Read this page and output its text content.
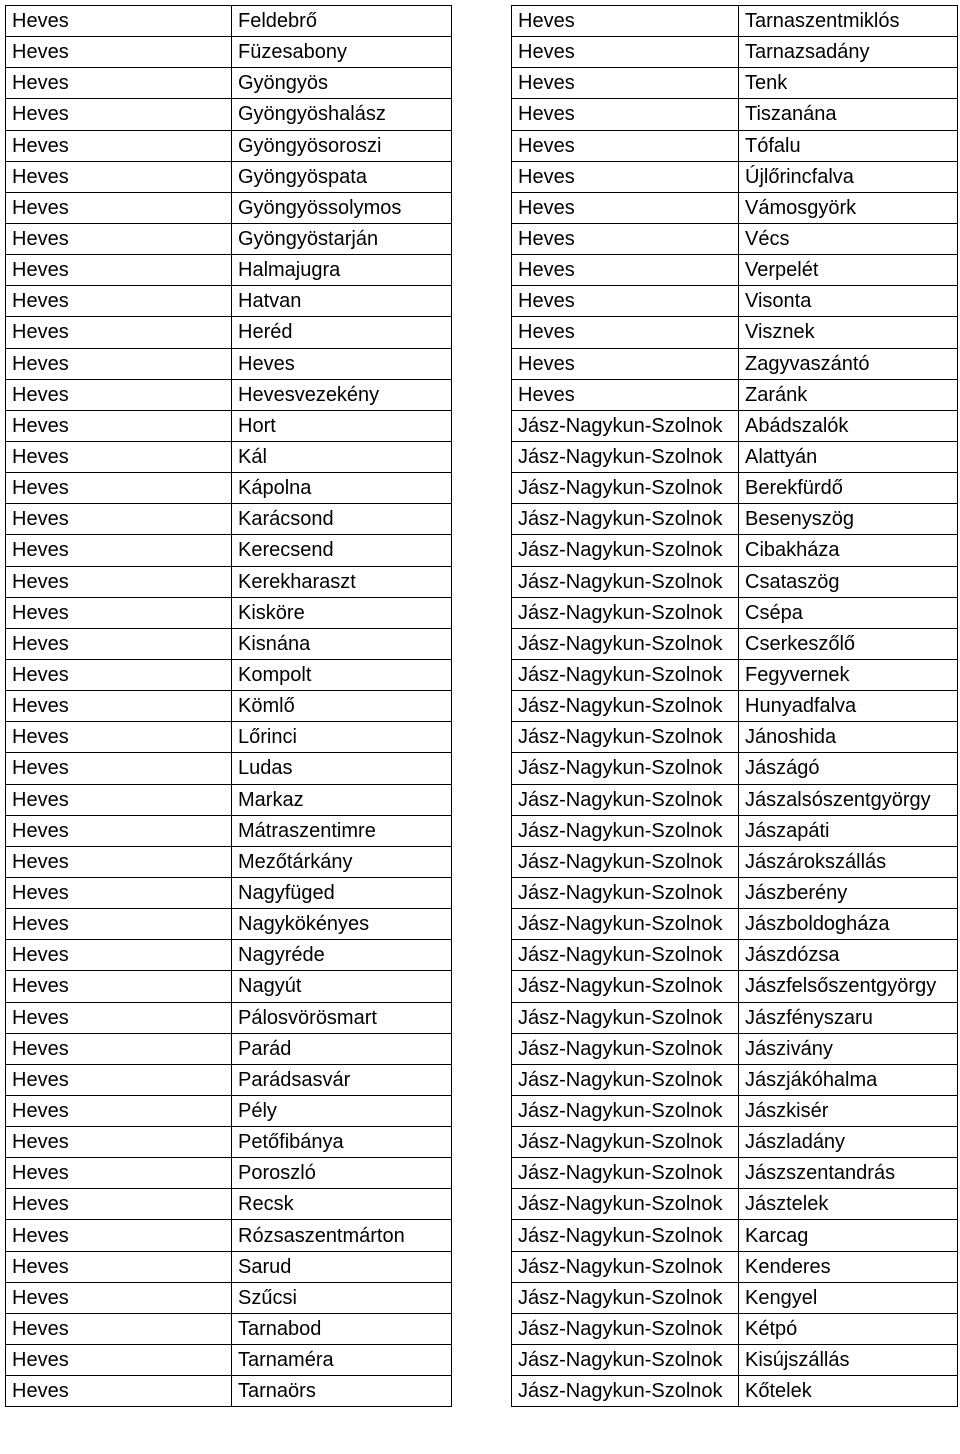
Heves	Feldebrő
Heves	Füzesabony
Heves	Gyöngyös
Heves	Gyöngyöshalász
Heves	Gyöngyösoroszi
Heves	Gyöngyöspata
Heves	Gyöngyössolymos
Heves	Gyöngyöstarján
Heves	Halmajugra
Heves	Hatvan
Heves	Heréd
Heves	Heves
Heves	Hevesvezekény
Heves	Hort
Heves	Kál
Heves	Kápolna
Heves	Karácsond
Heves	Kerecsend
Heves	Kerekharaszt
Heves	Kisköre
Heves	Kisnána
Heves	Kompolt
Heves	Kömlő
Heves	Lőrinci
Heves	Ludas
Heves	Markaz
Heves	Mátraszentimre
Heves	Mezőtárkány
Heves	Nagyfüged
Heves	Nagykökényes
Heves	Nagyréde
Heves	Nagyút
Heves	Pálosvörösmart
Heves	Parád
Heves	Parádsasvár
Heves	Pély
Heves	Petőfibánya
Heves	Poroszló
Heves	Recsk
Heves	Rózsaszentmárton
Heves	Sarud
Heves	Szűcsi
Heves	Tarnabod
Heves	Tarnaméra
Heves	Tarnaörs
Heves	Tarnaszentmiklós
Heves	Tarnazsadány
Heves	Tenk
Heves	Tiszanána
Heves	Tófalu
Heves	Újlőrincfalva
Heves	Vámosgyörk
Heves	Vécs
Heves	Verpelét
Heves	Visonta
Heves	Visznek
Heves	Zagyvaszántó
Heves	Zaránk
Jász-Nagykun-Szolnok	Abádszalók
Jász-Nagykun-Szolnok	Alattyán
Jász-Nagykun-Szolnok	Berekfürdő
Jász-Nagykun-Szolnok	Besenyszög
Jász-Nagykun-Szolnok	Cibakháza
Jász-Nagykun-Szolnok	Csataszög
Jász-Nagykun-Szolnok	Csépa
Jász-Nagykun-Szolnok	Cserkeszőlő
Jász-Nagykun-Szolnok	Fegyvernek
Jász-Nagykun-Szolnok	Hunyadfalva
Jász-Nagykun-Szolnok	Jánoshida
Jász-Nagykun-Szolnok	Jászágó
Jász-Nagykun-Szolnok	Jászalsószentgyörgy
Jász-Nagykun-Szolnok	Jászapáti
Jász-Nagykun-Szolnok	Jászárokszállás
Jász-Nagykun-Szolnok	Jászberény
Jász-Nagykun-Szolnok	Jászboldogháza
Jász-Nagykun-Szolnok	Jászdózsa
Jász-Nagykun-Szolnok	Jászfelsőszentgyörgy
Jász-Nagykun-Szolnok	Jászfényszaru
Jász-Nagykun-Szolnok	Jászivány
Jász-Nagykun-Szolnok	Jászjákóhalma
Jász-Nagykun-Szolnok	Jászkisér
Jász-Nagykun-Szolnok	Jászladány
Jász-Nagykun-Szolnok	Jászszentandrás
Jász-Nagykun-Szolnok	Jásztelek
Jász-Nagykun-Szolnok	Karcag
Jász-Nagykun-Szolnok	Kenderes
Jász-Nagykun-Szolnok	Kengyel
Jász-Nagykun-Szolnok	Kétpó
Jász-Nagykun-Szolnok	Kisújszállás
Jász-Nagykun-Szolnok	Kőtelek
